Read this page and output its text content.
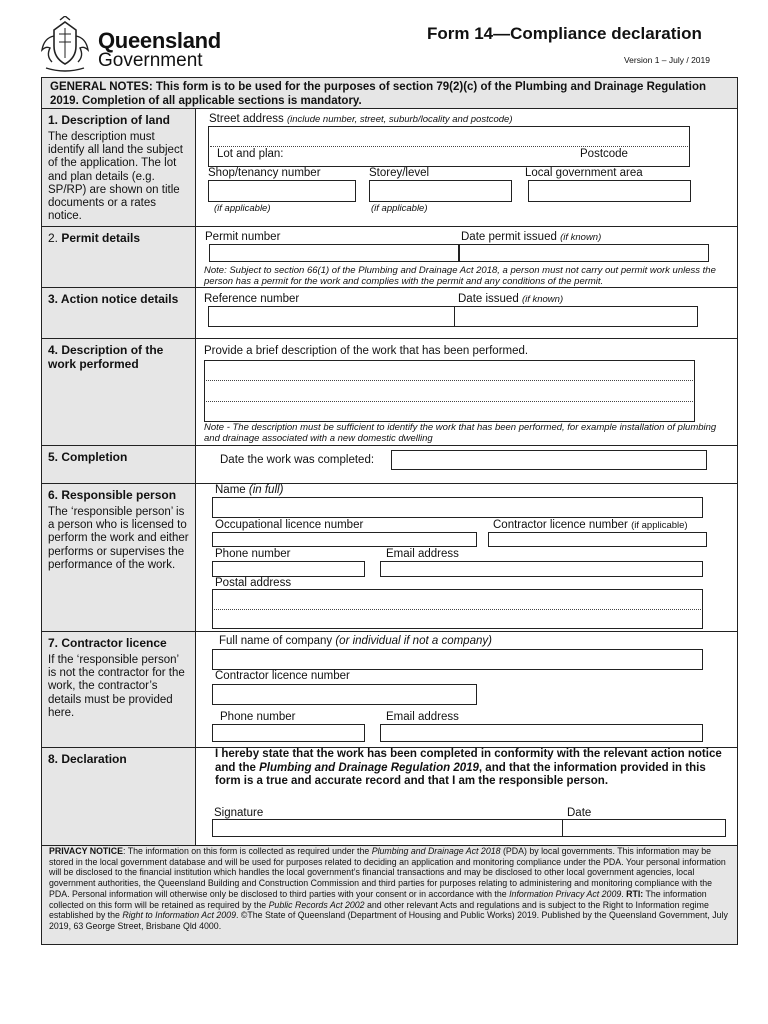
Queensland
Government
Form 14—Compliance declaration
Version 1 – July / 2019
GENERAL NOTES: This form is to be used for the purposes of section 79(2)(c) of the Plumbing and Drainage Regulation 2019. Completion of all applicable sections is mandatory.
1. Description of land

The description must identify all land the subject of the application. The lot and plan details (e.g. SP/RP) are shown on title documents or a rates notice.

Street address (include number, street, suburb/locality and postcode)
Lot and plan:	Postcode
Shop/tenancy number	Storey/level	Local government area
(if applicable)	(if applicable)
2. Permit details	Permit number	Date permit issued (if known)
Note: Subject to section 66(1) of the Plumbing and Drainage Act 2018, a person must not carry out permit work unless the person has a permit for the work and complies with the permit and any conditions of the permit.
3. Action notice details	Reference number	Date issued (if known)
4. Description of the work performed
Provide a brief description of the work that has been performed.
Note - The description must be sufficient to identify the work that has been performed, for example installation of plumbing and drainage associated with a new domestic dwelling
5. Completion	Date the work was completed:
6. Responsible person

The ‘responsible person’ is a person who is licensed to perform the work and either performs or supervises the performance of the work.

Name (in full)
Occupational licence number	Contractor licence number (if applicable)
Phone number	Email address
Postal address
7. Contractor licence

If the ‘responsible person’ is not the contractor for the work, the contractor’s details must be provided here.

Full name of company (or individual if not a company)
Contractor licence number
Phone number	Email address
8. Declaration	I hereby state that the work has been completed in conformity with the relevant action notice and the Plumbing and Drainage Regulation 2019, and that the information provided in this form is a true and accurate record and that I am the responsible person.
Signature	Date
PRIVACY NOTICE: The information on this form is collected as required under the Plumbing and Drainage Act 2018 (PDA) by local governments. This information may be stored in the local government database and will be used for purposes related to deciding an application and monitoring compliance under the PDA. Your personal information will be disclosed to the financial institution which handles the local government’s financial transactions and may be disclosed to other local government agencies, local government authorities, the Queensland Building and Construction Commission and third parties for purposes relating to administering and monitoring compliance with the PDA. Personal information will otherwise only be disclosed to third parties with your consent or in accordance with the Information Privacy Act 2009. RTI: The information collected on this form will be retained as required by the Public Records Act 2002 and other relevant Acts and regulations and is subject to the Right to Information regime established by the Right to Information Act 2009. ©The State of Queensland (Department of Housing and Public Works) 2019. Published by the Queensland Government, July 2019, 63 George Street, Brisbane Qld 4000.
